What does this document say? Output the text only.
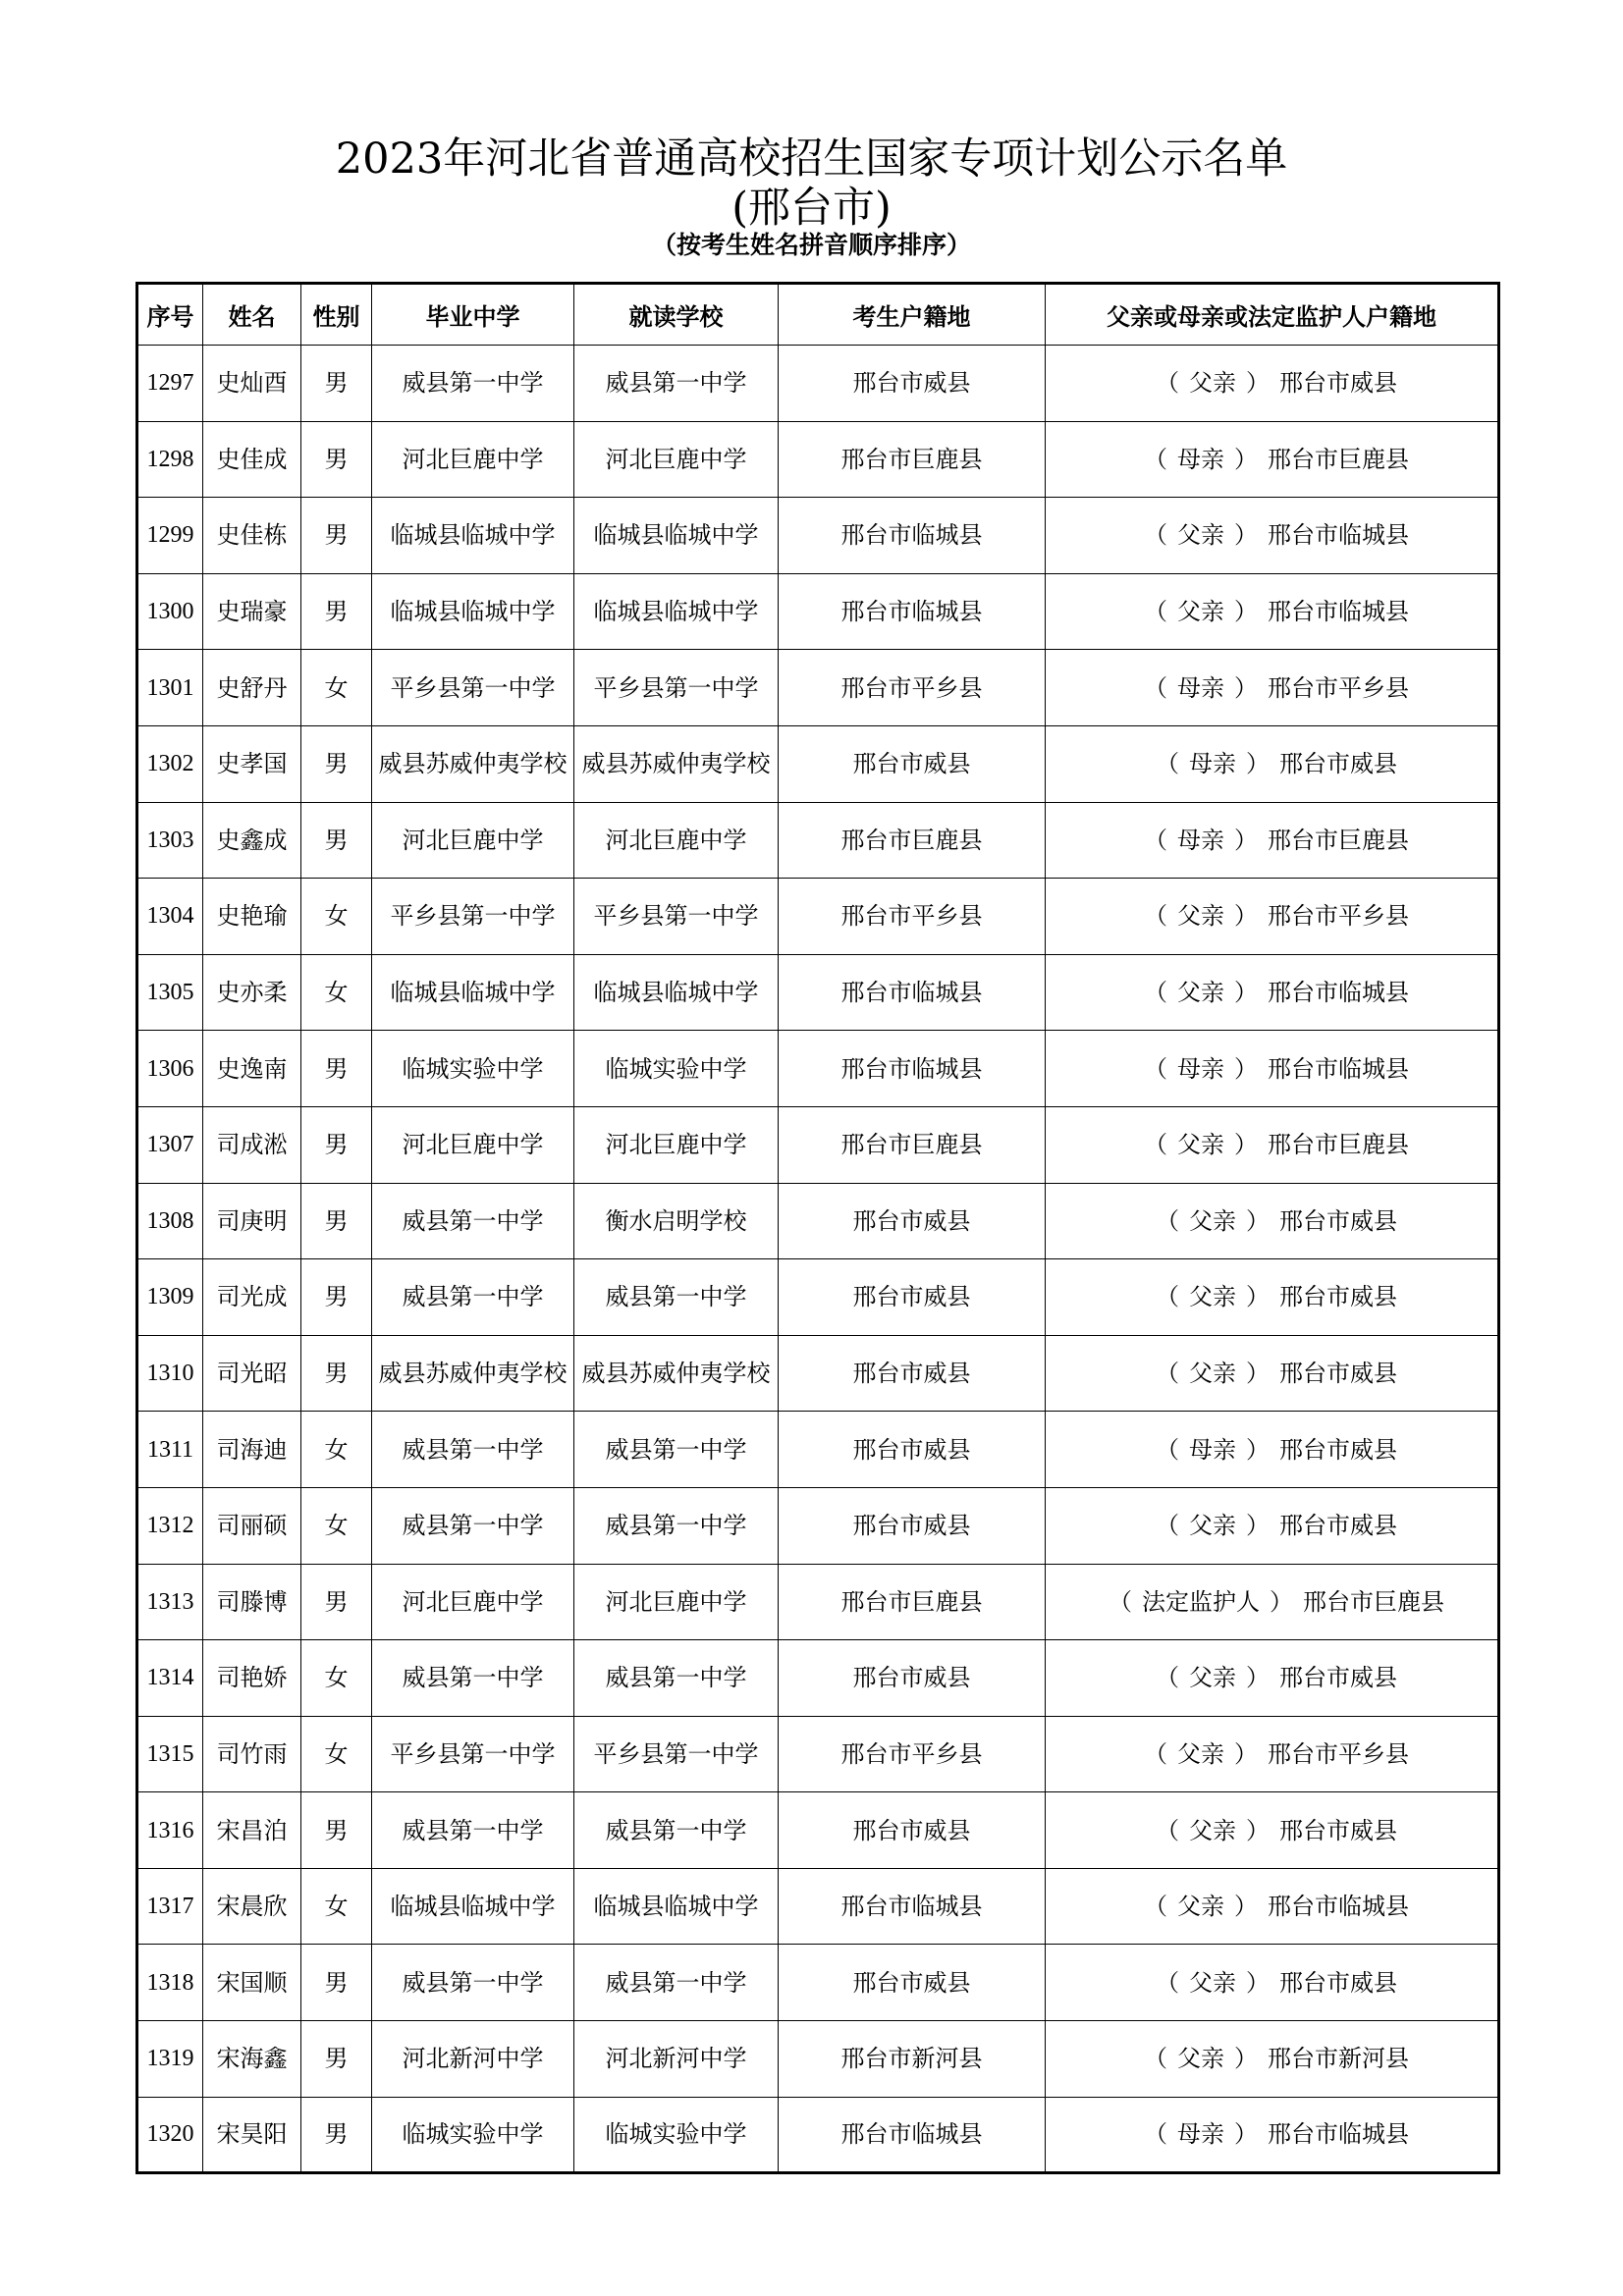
2023年河北省普通高校招生国家专项计划公示名单
(邢台市)
（按考生姓名拼音顺序排序）
序号	姓名	性别	毕业中学	就读学校	考生户籍地	父亲或母亲或法定监护人户籍地
1297	史灿酉	男	威县第一中学	威县第一中学	邢台市威县	（ 父亲 ） 邢台市威县
1298	史佳成	男	河北巨鹿中学	河北巨鹿中学	邢台市巨鹿县	（ 母亲 ） 邢台市巨鹿县
1299	史佳栋	男	临城县临城中学	临城县临城中学	邢台市临城县	（ 父亲 ） 邢台市临城县
1300	史瑞豪	男	临城县临城中学	临城县临城中学	邢台市临城县	（ 父亲 ） 邢台市临城县
1301	史舒丹	女	平乡县第一中学	平乡县第一中学	邢台市平乡县	（ 母亲 ） 邢台市平乡县
1302	史孝国	男	威县苏威仲夷学校	威县苏威仲夷学校	邢台市威县	（ 母亲 ） 邢台市威县
1303	史鑫成	男	河北巨鹿中学	河北巨鹿中学	邢台市巨鹿县	（ 母亲 ） 邢台市巨鹿县
1304	史艳瑜	女	平乡县第一中学	平乡县第一中学	邢台市平乡县	（ 父亲 ） 邢台市平乡县
1305	史亦柔	女	临城县临城中学	临城县临城中学	邢台市临城县	（ 父亲 ） 邢台市临城县
1306	史逸南	男	临城实验中学	临城实验中学	邢台市临城县	（ 母亲 ） 邢台市临城县
1307	司成淞	男	河北巨鹿中学	河北巨鹿中学	邢台市巨鹿县	（ 父亲 ） 邢台市巨鹿县
1308	司庚明	男	威县第一中学	衡水启明学校	邢台市威县	（ 父亲 ） 邢台市威县
1309	司光成	男	威县第一中学	威县第一中学	邢台市威县	（ 父亲 ） 邢台市威县
1310	司光昭	男	威县苏威仲夷学校	威县苏威仲夷学校	邢台市威县	（ 父亲 ） 邢台市威县
1311	司海迪	女	威县第一中学	威县第一中学	邢台市威县	（ 母亲 ） 邢台市威县
1312	司丽硕	女	威县第一中学	威县第一中学	邢台市威县	（ 父亲 ） 邢台市威县
1313	司滕博	男	河北巨鹿中学	河北巨鹿中学	邢台市巨鹿县	（ 法定监护人 ） 邢台市巨鹿县
1314	司艳娇	女	威县第一中学	威县第一中学	邢台市威县	（ 父亲 ） 邢台市威县
1315	司竹雨	女	平乡县第一中学	平乡县第一中学	邢台市平乡县	（ 父亲 ） 邢台市平乡县
1316	宋昌泊	男	威县第一中学	威县第一中学	邢台市威县	（ 父亲 ） 邢台市威县
1317	宋晨欣	女	临城县临城中学	临城县临城中学	邢台市临城县	（ 父亲 ） 邢台市临城县
1318	宋国顺	男	威县第一中学	威县第一中学	邢台市威县	（ 父亲 ） 邢台市威县
1319	宋海鑫	男	河北新河中学	河北新河中学	邢台市新河县	（ 父亲 ） 邢台市新河县
1320	宋昊阳	男	临城实验中学	临城实验中学	邢台市临城县	（ 母亲 ） 邢台市临城县
